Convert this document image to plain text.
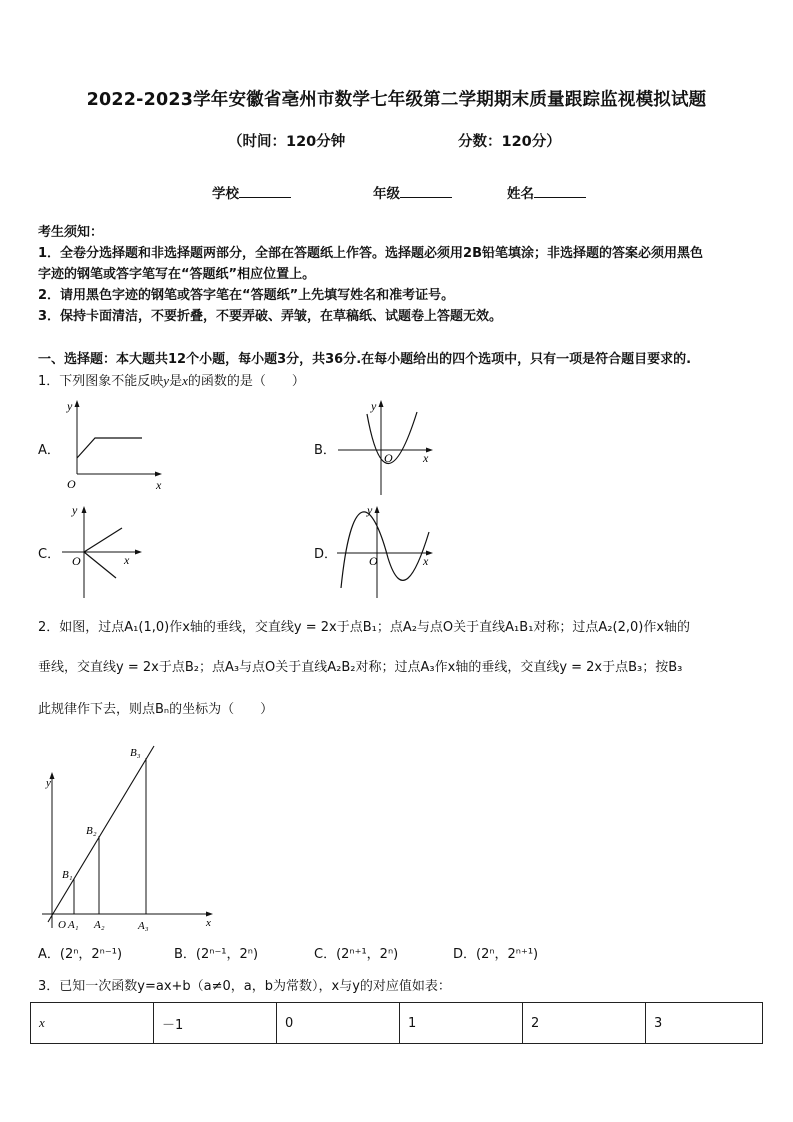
2022-2023学年安徽省亳州市数学七年级第二学期期末质量跟踪监视模拟试题
（时间：120分钟	分数：120分）
学校	年级	姓名
考生须知：
1．全卷分选择题和非选择题两部分，全部在答题纸上作答。选择题必须用2B铅笔填涂；非选择题的答案必须用黑色
字迹的钢笔或答字笔写在“答题纸”相应位置上。
2．请用黑色字迹的钢笔或答字笔在“答题纸”上先填写姓名和准考证号。
3．保持卡面清洁，不要折叠，不要弄破、弄皱，在草稿纸、试题卷上答题无效。
一、选择题：本大题共12个小题，每小题3分，共36分.在每小题给出的四个选项中，只有一项是符合题目要求的.
1．下列图象不能反映y是x的函数的是（　　）
A．
y
x
O
B．
y
x
O
C．
y
x
O	D．
y
x
O
2．如图，过点A₁(1,0)作x轴的垂线，交直线y = 2x于点B₁；点A₂与点O关于直线A₁B₁对称；过点A₂(2,0)作x轴的
垂线，交直线y = 2x于点B₂；点A₃与点O关于直线A₂B₂对称；过点A₃作x轴的垂线，交直线y = 2x于点B₃；按B₃
此规律作下去，则点Bₙ的坐标为（　　）
y
x
O A₁ A₂	A₃
B₁
B₂
B₃
A．(2ⁿ，2ⁿ⁻¹)	B．(2ⁿ⁻¹，2ⁿ)	C．(2ⁿ⁺¹，2ⁿ)	D．(2ⁿ，2ⁿ⁺¹)
3．已知一次函数y=ax+b（a≠0，a，b为常数），x与y的对应值如表：
x	－1	0	1	2	3
